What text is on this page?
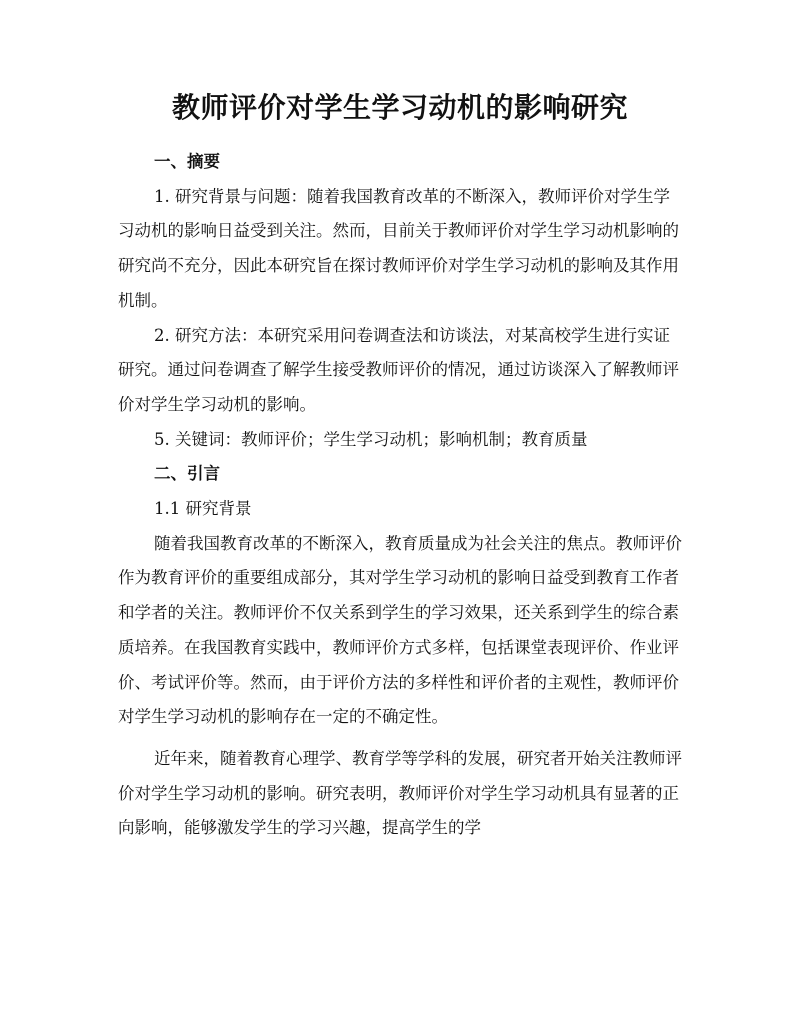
教师评价对学生学习动机的影响研究

一、摘要

1. 研究背景与问题：随着我国教育改革的不断深入，教师评价对学生学习动机的影响日益受到关注。然而，目前关于教师评价对学生学习动机影响的研究尚不充分，因此本研究旨在探讨教师评价对学生学习动机的影响及其作用机制。

2. 研究方法：本研究采用问卷调查法和访谈法，对某高校学生进行实证研究。通过问卷调查了解学生接受教师评价的情况，通过访谈深入了解教师评价对学生学习动机的影响。

5. 关键词：教师评价；学生学习动机；影响机制；教育质量

二、引言

1.1 研究背景

随着我国教育改革的不断深入，教育质量成为社会关注的焦点。教师评价作为教育评价的重要组成部分，其对学生学习动机的影响日益受到教育工作者和学者的关注。教师评价不仅关系到学生的学习效果，还关系到学生的综合素质培养。在我国教育实践中，教师评价方式多样，包括课堂表现评价、作业评价、考试评价等。然而，由于评价方法的多样性和评价者的主观性，教师评价对学生学习动机的影响存在一定的不确定性。

近年来，随着教育心理学、教育学等学科的发展，研究者开始关注教师评价对学生学习动机的影响。研究表明，教师评价对学生学习动机具有显著的正向影响，能够激发学生的学习兴趣，提高学生的学
